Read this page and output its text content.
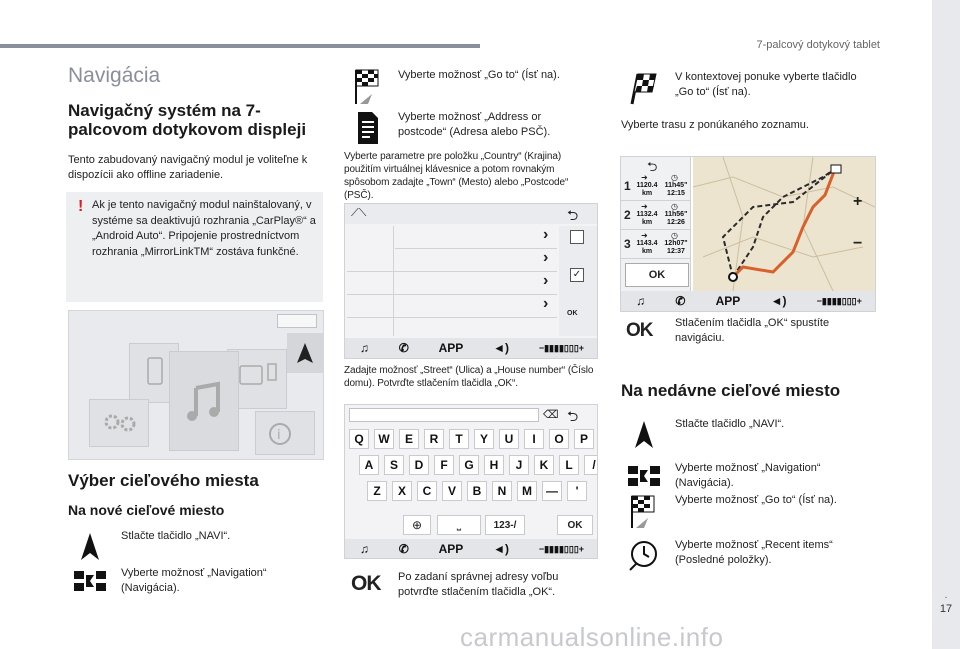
7-palcový dotykový tablet
.
17
Navigácia
Navigačný systém na 7-palcovom dotykovom displeji
Tento zabudovaný navigačný modul je voliteľne k dispozícii ako offline zariadenie.
! Ak je tento navigačný modul nainštalovaný, v systéme sa deaktivujú rozhrania „CarPlay®“ a „Android Auto“. Pripojenie prostredníctvom rozhrania „MirrorLinkTM“ zostáva funkčné.
i
Výber cieľového miesta
Na nové cieľové miesto
Stlačte tlačidlo „NAVI“.
Vyberte možnosť „Navigation“ (Navigácia).
Vyberte možnosť „Go to“ (Ísť na).
Vyberte možnosť „Address or postcode“ (Adresa alebo PSČ).
Vyberte parametre pre položku „Country“ (Krajina) použitím virtuálnej klávesnice a potom rovnakým spôsobom zadajte „Town“ (Mesto) alebo „Postcode“ (PSČ).
⟋⟍	⮌
›
›
›
›
✓
OK
♫ ✆ APP ◄)	−▮▮▮▮▯▯▯+
Zadajte možnosť „Street“ (Ulica) a „House number“ (Číslo domu). Potvrďte stlačením tlačidla „OK“.
⌫ ⮌
Q	W	E	R	T	Y	U	I	O	P
A	S	D	F	G	H	J	K	L	/
Z	X	C	V	B	N	M	—	'
⊕	⎵	123-/	OK
♫ ✆ APP ◄)	−▮▮▮▮▯▯▯+
OK Po zadaní správnej adresy voľbu potvrďte stlačením tlačidla „OK“.
V kontextovej ponuke vyberte tlačidlo „Go to“ (Ísť na).
Vyberte trasu z ponúkaného zoznamu.
⮌
1
➜	◷
1120.4 km
11h45" 12:15
2
➜	◷
1132.4 km
11h56" 12:26
3
➜	◷
1143.4 km
12h07" 12:37
OK
+
−
♫	✆	APP	◄)	−▮▮▮▮▯▯▯+
OK Stlačením tlačidla „OK“ spustíte navigáciu.
Na nedávne cieľové miesto
Stlačte tlačidlo „NAVI“.
Vyberte možnosť „Navigation“ (Navigácia).
Vyberte možnosť „Go to“ (Ísť na).
Vyberte možnosť „Recent items“ (Posledné položky).
carmanualsonline.info
